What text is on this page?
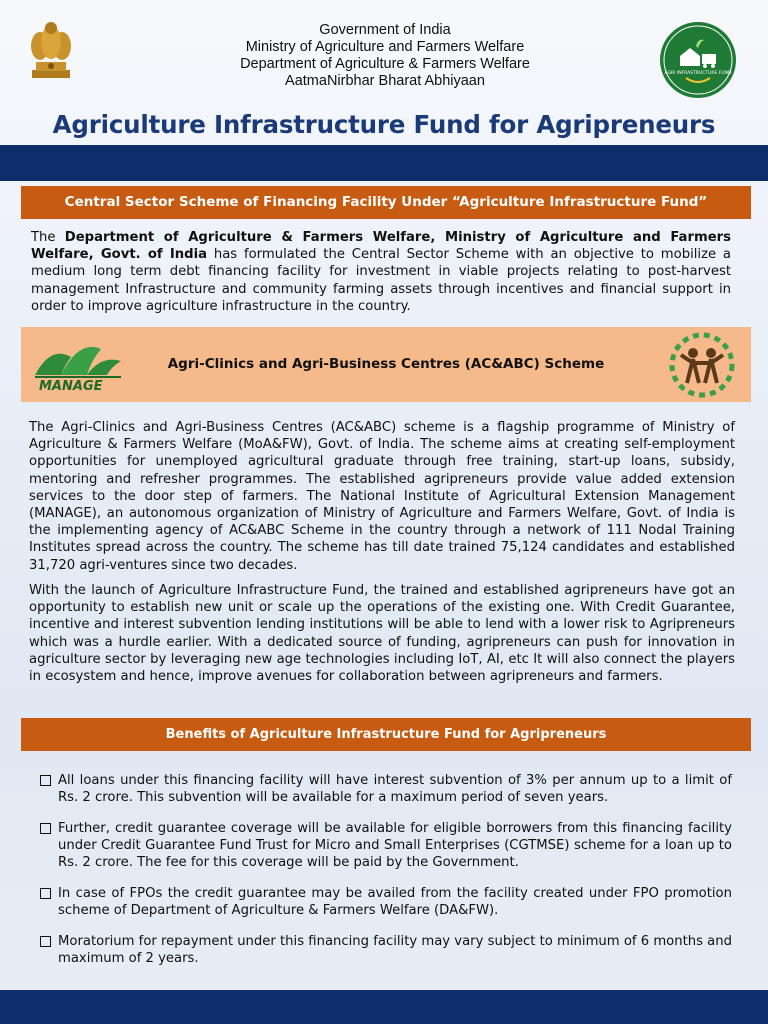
Government of India
Ministry of Agriculture and Farmers Welfare
Department of Agriculture & Farmers Welfare
AatmaNirbhar Bharat Abhiyaan	AGRI INFRASTRUCTURE FUND
Agriculture Infrastructure Fund for Agripreneurs
Central Sector Scheme of Financing Facility Under “Agriculture Infrastructure Fund”
The Department of Agriculture & Farmers Welfare, Ministry of Agriculture and Farmers Welfare, Govt. of India has formulated the Central Sector Scheme with an objective to mobilize a medium long term debt financing facility for investment in viable projects relating to post-harvest management Infrastructure and community farming assets through incentives and financial support in order to improve agriculture infrastructure in the country.
MANAGE
Agri-Clinics and Agri-Business Centres (AC&ABC) Scheme
The Agri-Clinics and Agri-Business Centres (AC&ABC) scheme is a flagship programme of Ministry of Agriculture & Farmers Welfare (MoA&FW), Govt. of India. The scheme aims at creating self-employment opportunities for unemployed agricultural graduate through free training, start-up loans, subsidy, mentoring and refresher programmes. The established agripreneurs provide value added extension services to the door step of farmers. The National Institute of Agricultural Extension Management (MANAGE), an autonomous organization of Ministry of Agriculture and Farmers Welfare, Govt. of India is the implementing agency of AC&ABC Scheme in the country through a network of 111 Nodal Training Institutes spread across the country. The scheme has till date trained 75,124 candidates and established 31,720 agri-ventures since two decades.
With the launch of Agriculture Infrastructure Fund, the trained and established agripreneurs have got an opportunity to establish new unit or scale up the operations of the existing one. With Credit Guarantee, incentive and interest subvention lending institutions will be able to lend with a lower risk to Agripreneurs which was a hurdle earlier. With a dedicated source of funding, agripreneurs can push for innovation in agriculture sector by leveraging new age technologies including IoT, AI, etc It will also connect the players in ecosystem and hence, improve avenues for collaboration between agripreneurs and farmers.
Benefits of Agriculture Infrastructure Fund for Agripreneurs
All loans under this financing facility will have interest subvention of 3% per annum up to a limit of Rs. 2 crore. This subvention will be available for a maximum period of seven years.
Further, credit guarantee coverage will be available for eligible borrowers from this financing facility under Credit Guarantee Fund Trust for Micro and Small Enterprises (CGTMSE) scheme for a loan up to Rs. 2 crore. The fee for this coverage will be paid by the Government.
In case of FPOs the credit guarantee may be availed from the facility created under FPO promotion scheme of Department of Agriculture & Farmers Welfare (DA&FW).
Moratorium for repayment under this financing facility may vary subject to minimum of 6 months and maximum of 2 years.
